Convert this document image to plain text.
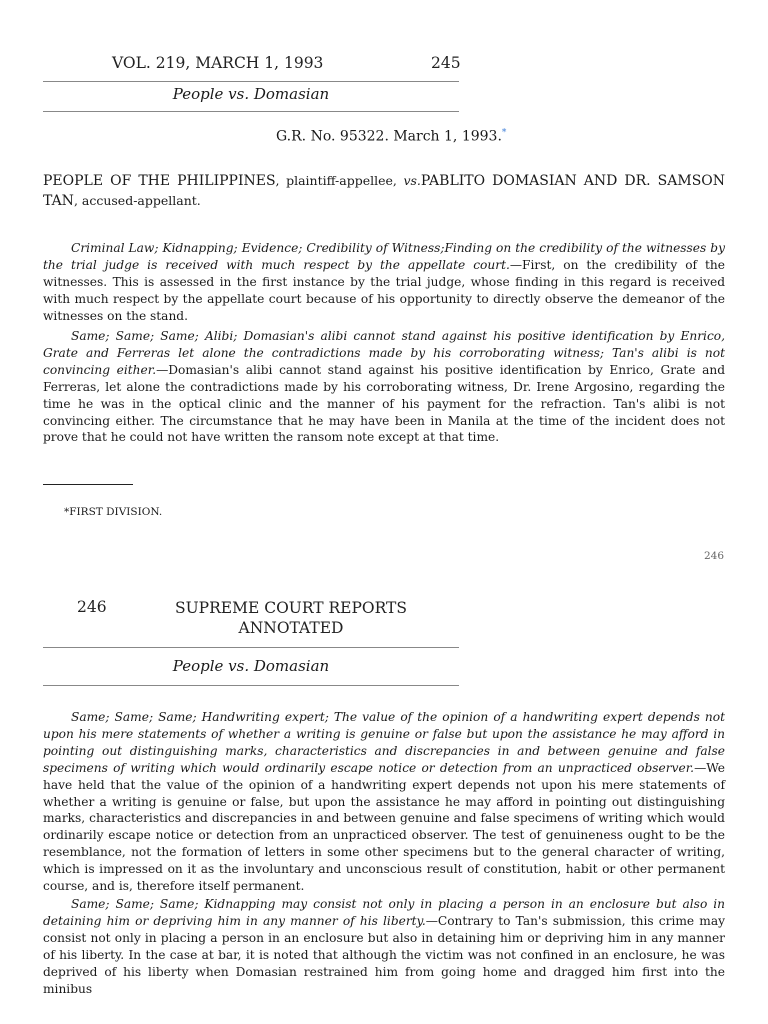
VOL. 219, MARCH 1, 1993	245
People vs. Domasian
G.R. No. 95322. March 1, 1993.*

PEOPLE OF THE PHILIPPINES, plaintiff-appellee, vs.PABLITO DOMASIAN AND DR. SAMSON TAN, accused-appellant.

Criminal Law; Kidnapping; Evidence; Credibility of Witness;Finding on the credibility of the witnesses by the trial judge is received with much respect by the appellate court.—First, on the credibility of the witnesses. This is assessed in the first instance by the trial judge, whose finding in this regard is received with much respect by the appellate court because of his opportunity to directly observe the demeanor of the witnesses on the stand.

Same; Same; Same; Alibi; Domasian's alibi cannot stand against his positive identification by Enrico, Grate and Ferreras let alone the contradictions made by his corroborating witness; Tan's alibi is not convincing either.—Domasian's alibi cannot stand against his positive identification by Enrico, Grate and Ferreras, let alone the contradictions made by his corroborating witness, Dr. Irene Argosino, regarding the time he was in the optical clinic and the manner of his payment for the refraction. Tan's alibi is not convincing either. The circumstance that he may have been in Manila at the time of the incident does not prove that he could not have written the ransom note except at that time.

*FIRST DIVISION.
246
246	SUPREME COURT REPORTS
ANNOTATED
People vs. Domasian

Same; Same; Same; Handwriting expert; The value of the opinion of a handwriting expert depends not upon his mere statements of whether a writing is genuine or false but upon the assistance he may afford in pointing out distinguishing marks, characteristics and discrepancies in and between genuine and false specimens of writing which would ordinarily escape notice or detection from an unpracticed observer.—We have held that the value of the opinion of a handwriting expert depends not upon his mere statements of whether a writing is genuine or false, but upon the assistance he may afford in pointing out distinguishing marks, characteristics and discrepancies in and between genuine and false specimens of writing which would ordinarily escape notice or detection from an unpracticed observer. The test of genuineness ought to be the resemblance, not the formation of letters in some other specimens but to the general character of writing, which is impressed on it as the involuntary and unconscious result of constitution, habit or other permanent course, and is, therefore itself permanent.

Same; Same; Same; Kidnapping may consist not only in placing a person in an enclosure but also in detaining him or depriving him in any manner of his liberty.—Contrary to Tan's submission, this crime may consist not only in placing a person in an enclosure but also in detaining him or depriving him in any manner of his liberty. In the case at bar, it is noted that although the victim was not confined in an enclosure, he was deprived of his liberty when Domasian restrained him from going home and dragged him first into the minibus
